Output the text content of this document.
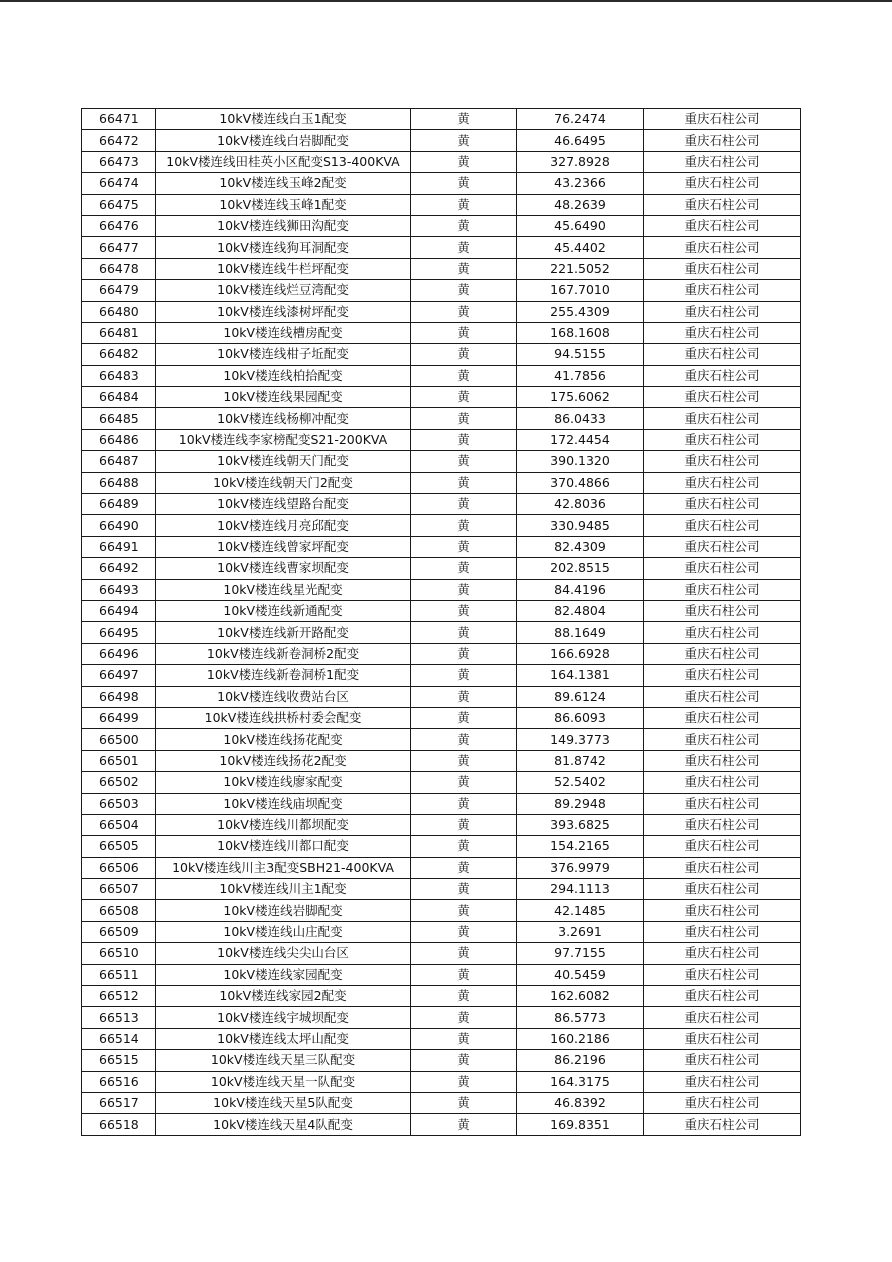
66471	10kV楼连线白玉1配变	黄	76.2474	重庆石柱公司
66472	10kV楼连线白岩脚配变	黄	46.6495	重庆石柱公司
66473	10kV楼连线田桂英小区配变S13-400KVA	黄	327.8928	重庆石柱公司
66474	10kV楼连线玉峰2配变	黄	43.2366	重庆石柱公司
66475	10kV楼连线玉峰1配变	黄	48.2639	重庆石柱公司
66476	10kV楼连线狮田沟配变	黄	45.6490	重庆石柱公司
66477	10kV楼连线狗耳洞配变	黄	45.4402	重庆石柱公司
66478	10kV楼连线牛栏坪配变	黄	221.5052	重庆石柱公司
66479	10kV楼连线烂豆湾配变	黄	167.7010	重庆石柱公司
66480	10kV楼连线漆树坪配变	黄	255.4309	重庆石柱公司
66481	10kV楼连线槽房配变	黄	168.1608	重庆石柱公司
66482	10kV楼连线柑子坵配变	黄	94.5155	重庆石柱公司
66483	10kV楼连线柏拾配变	黄	41.7856	重庆石柱公司
66484	10kV楼连线果园配变	黄	175.6062	重庆石柱公司
66485	10kV楼连线杨柳冲配变	黄	86.0433	重庆石柱公司
66486	10kV楼连线李家榜配变S21-200KVA	黄	172.4454	重庆石柱公司
66487	10kV楼连线朝天门配变	黄	390.1320	重庆石柱公司
66488	10kV楼连线朝天门2配变	黄	370.4866	重庆石柱公司
66489	10kV楼连线望路台配变	黄	42.8036	重庆石柱公司
66490	10kV楼连线月亮邱配变	黄	330.9485	重庆石柱公司
66491	10kV楼连线曾家坪配变	黄	82.4309	重庆石柱公司
66492	10kV楼连线曹家坝配变	黄	202.8515	重庆石柱公司
66493	10kV楼连线星光配变	黄	84.4196	重庆石柱公司
66494	10kV楼连线新通配变	黄	82.4804	重庆石柱公司
66495	10kV楼连线新开路配变	黄	88.1649	重庆石柱公司
66496	10kV楼连线新卷洞桥2配变	黄	166.6928	重庆石柱公司
66497	10kV楼连线新卷洞桥1配变	黄	164.1381	重庆石柱公司
66498	10kV楼连线收费站台区	黄	89.6124	重庆石柱公司
66499	10kV楼连线拱桥村委会配变	黄	86.6093	重庆石柱公司
66500	10kV楼连线扬花配变	黄	149.3773	重庆石柱公司
66501	10kV楼连线扬花2配变	黄	81.8742	重庆石柱公司
66502	10kV楼连线廖家配变	黄	52.5402	重庆石柱公司
66503	10kV楼连线庙坝配变	黄	89.2948	重庆石柱公司
66504	10kV楼连线川都坝配变	黄	393.6825	重庆石柱公司
66505	10kV楼连线川都口配变	黄	154.2165	重庆石柱公司
66506	10kV楼连线川主3配变SBH21-400KVA	黄	376.9979	重庆石柱公司
66507	10kV楼连线川主1配变	黄	294.1113	重庆石柱公司
66508	10kV楼连线岩脚配变	黄	42.1485	重庆石柱公司
66509	10kV楼连线山庄配变	黄	3.2691	重庆石柱公司
66510	10kV楼连线尖尖山台区	黄	97.7155	重庆石柱公司
66511	10kV楼连线家园配变	黄	40.5459	重庆石柱公司
66512	10kV楼连线家园2配变	黄	162.6082	重庆石柱公司
66513	10kV楼连线宇城坝配变	黄	86.5773	重庆石柱公司
66514	10kV楼连线太坪山配变	黄	160.2186	重庆石柱公司
66515	10kV楼连线天星三队配变	黄	86.2196	重庆石柱公司
66516	10kV楼连线天星一队配变	黄	164.3175	重庆石柱公司
66517	10kV楼连线天星5队配变	黄	46.8392	重庆石柱公司
66518	10kV楼连线天星4队配变	黄	169.8351	重庆石柱公司
